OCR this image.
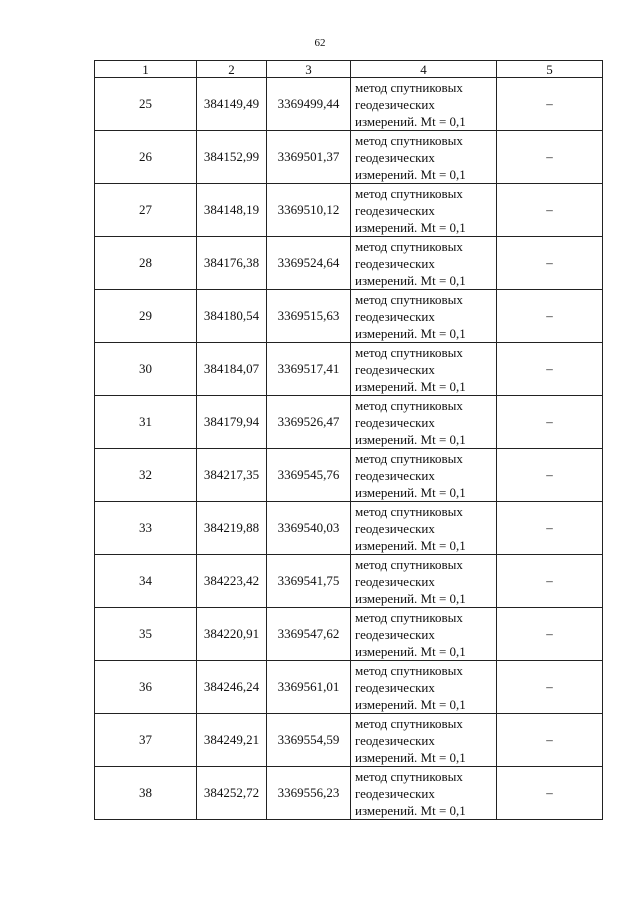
62
1	2	3	4	5
25	384149,49	3369499,44	метод спутниковых
геодезических
измерений. Mt = 0,1	–
26	384152,99	3369501,37	метод спутниковых
геодезических
измерений. Mt = 0,1	–
27	384148,19	3369510,12	метод спутниковых
геодезических
измерений. Mt = 0,1	–
28	384176,38	3369524,64	метод спутниковых
геодезических
измерений. Mt = 0,1	–
29	384180,54	3369515,63	метод спутниковых
геодезических
измерений. Mt = 0,1	–
30	384184,07	3369517,41	метод спутниковых
геодезических
измерений. Mt = 0,1	–
31	384179,94	3369526,47	метод спутниковых
геодезических
измерений. Mt = 0,1	–
32	384217,35	3369545,76	метод спутниковых
геодезических
измерений. Mt = 0,1	–
33	384219,88	3369540,03	метод спутниковых
геодезических
измерений. Mt = 0,1	–
34	384223,42	3369541,75	метод спутниковых
геодезических
измерений. Mt = 0,1	–
35	384220,91	3369547,62	метод спутниковых
геодезических
измерений. Mt = 0,1	–
36	384246,24	3369561,01	метод спутниковых
геодезических
измерений. Mt = 0,1	–
37	384249,21	3369554,59	метод спутниковых
геодезических
измерений. Mt = 0,1	–
38	384252,72	3369556,23	метод спутниковых
геодезических
измерений. Mt = 0,1	–
